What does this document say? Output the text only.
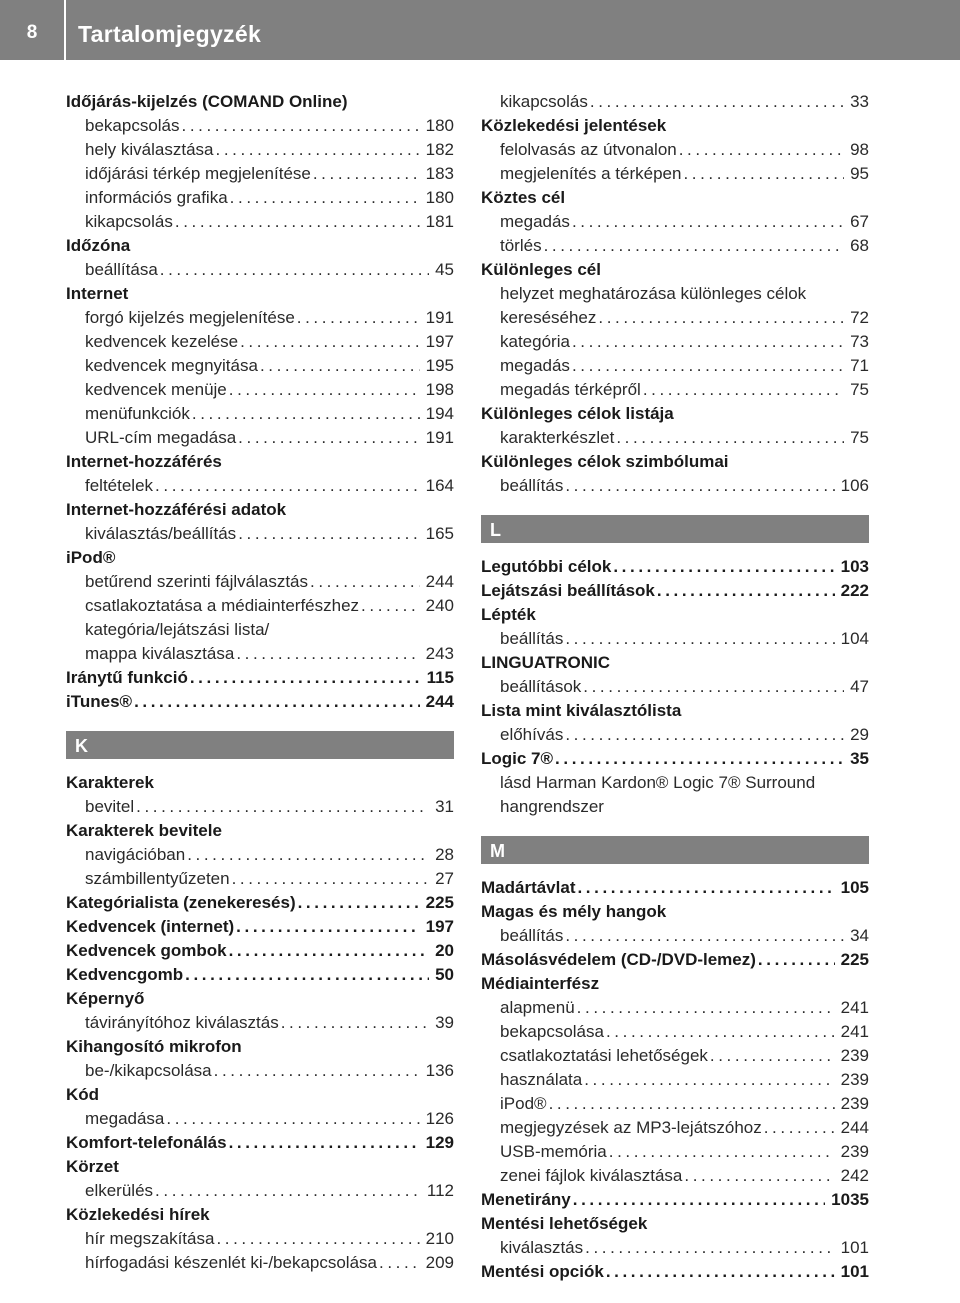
8	Tartalomjegyzék
Időjárás-kijelzés (COMAND Online)
bekapcsolás .....	180
hely kiválasztása .....	182
időjárási térkép megjelenítése .....	183
információs grafika .....	180
kikapcsolás .....	181
Időzóna
beállítása .....	45
Internet
forgó kijelzés megjelenítése .....	191
kedvencek kezelése .....	197
kedvencek megnyitása .....	195
kedvencek menüje .....	198
menüfunkciók .....	194
URL-cím megadása .....	191
Internet-hozzáférés
feltételek .....	164
Internet-hozzáférési adatok
kiválasztás/beállítás .....	165
iPod®
betűrend szerinti fájlválasztás .....	244
csatlakoztatása a médiainterfészhez .....	240
kategória/lejátszási lista/
mappa kiválasztása .....	243
Iránytű funkció .....	115
iTunes® .....	244
K
Karakterek
bevitel .....	31
Karakterek bevitele
navigációban .....	28
számbillentyűzeten .....	27
Kategórialista (zenekeresés) .....	225
Kedvencek (internet) .....	197
Kedvencek gombok .....	20
Kedvencgomb .....	50
Képernyő
távirányítóhoz kiválasztás .....	39
Kihangosító mikrofon
be-/kikapcsolása .....	136
Kód
megadása .....	126
Komfort-telefonálás .....	129
Körzet
elkerülés .....	112
Közlekedési hírek
hír megszakítása .....	210
hírfogadási készenlét ki-/bekapcsolása .....	209
kikapcsolás .....	33
Közlekedési jelentések
felolvasás az útvonalon .....	98
megjelenítés a térképen .....	95
Köztes cél
megadás .....	67
törlés .....	68
Különleges cél
helyzet meghatározása különleges célok
kereséséhez .....	72
kategória .....	73
megadás .....	71
megadás térképről .....	75
Különleges célok listája
karakterkészlet .....	75
Különleges célok szimbólumai
beállítás .....	106
L
Legutóbbi célok .....	103
Lejátszási beállítások .....	222
Lépték
beállítás .....	104
LINGUATRONIC
beállítások .....	47
Lista mint kiválasztólista
előhívás .....	29
Logic 7® .....	35
lásd Harman Kardon® Logic 7® Surround
hangrendszer
M
Madártávlat .....	105
Magas és mély hangok
beállítás .....	34
Másolásvédelem (CD-/DVD-lemez) .....	225
Médiainterfész
alapmenü .....	241
bekapcsolása .....	241
csatlakoztatási lehetőségek .....	239
használata .....	239
iPod® .....	239
megjegyzések az MP3-lejátszóhoz .....	244
USB-memória .....	239
zenei fájlok kiválasztása .....	242
Menetirány .....	1035
Mentési lehetőségek
kiválasztás .....	101
Mentési opciók .....	101
